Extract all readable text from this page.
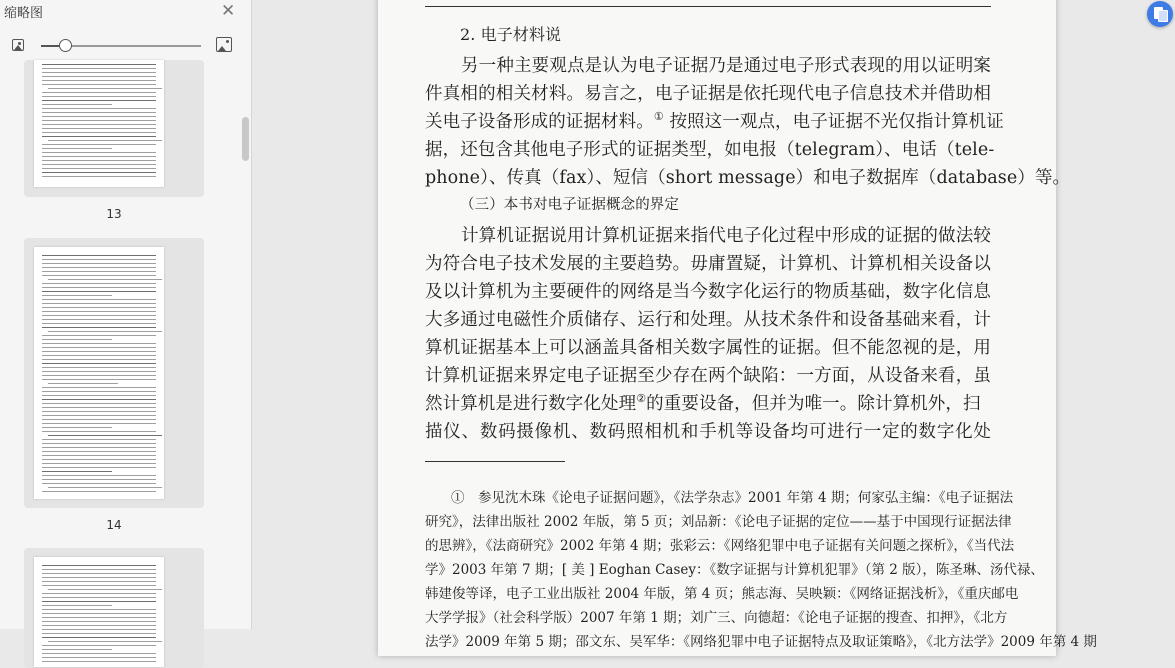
缩略图	✕
13
14
2. 电子材料说
另一种主要观点是认为电子证据乃是通过电子形式表现的用以证明案
件真相的相关材料。易言之，电子证据是依托现代电子信息技术并借助相
关电子设备形成的证据材料。① 按照这一观点，电子证据不光仅指计算机证
据，还包含其他电子形式的证据类型，如电报（telegram）、电话（tele-
phone）、传真（fax）、短信（short message）和电子数据库（database）等。
（三）本书对电子证据概念的界定
计算机证据说用计算机证据来指代电子化过程中形成的证据的做法较
为符合电子技术发展的主要趋势。毋庸置疑，计算机、计算机相关设备以
及以计算机为主要硬件的网络是当今数字化运行的物质基础，数字化信息
大多通过电磁性介质储存、运行和处理。从技术条件和设备基础来看，计
算机证据基本上可以涵盖具备相关数字属性的证据。但不能忽视的是，用
计算机证据来界定电子证据至少存在两个缺陷：一方面，从设备来看，虽
然计算机是进行数字化处理②的重要设备，但并为唯一。除计算机外，扫
描仪、数码摄像机、数码照相机和手机等设备均可进行一定的数字化处
①　参见沈木珠《论电子证据问题》，《法学杂志》2001 年第 4 期；何家弘主编：《电子证据法
研究》，法律出版社 2002 年版，第 5 页；刘品新：《论电子证据的定位——基于中国现行证据法律
的思辨》，《法商研究》2002 年第 4 期；张彩云：《网络犯罪中电子证据有关问题之探析》，《当代法
学》2003 年第 7 期；[ 美 ] Eoghan Casey：《数字证据与计算机犯罪》（第 2 版），陈圣琳、汤代禄、
韩建俊等译，电子工业出版社 2004 年版，第 4 页；熊志海、吴映颖：《网络证据浅析》，《重庆邮电
大学学报》（社会科学版）2007 年第 1 期；刘广三、向德超：《论电子证据的搜查、扣押》，《北方
法学》2009 年第 5 期；邵文东、吴军华：《网络犯罪中电子证据特点及取证策略》，《北方法学》2009 年第 4 期
